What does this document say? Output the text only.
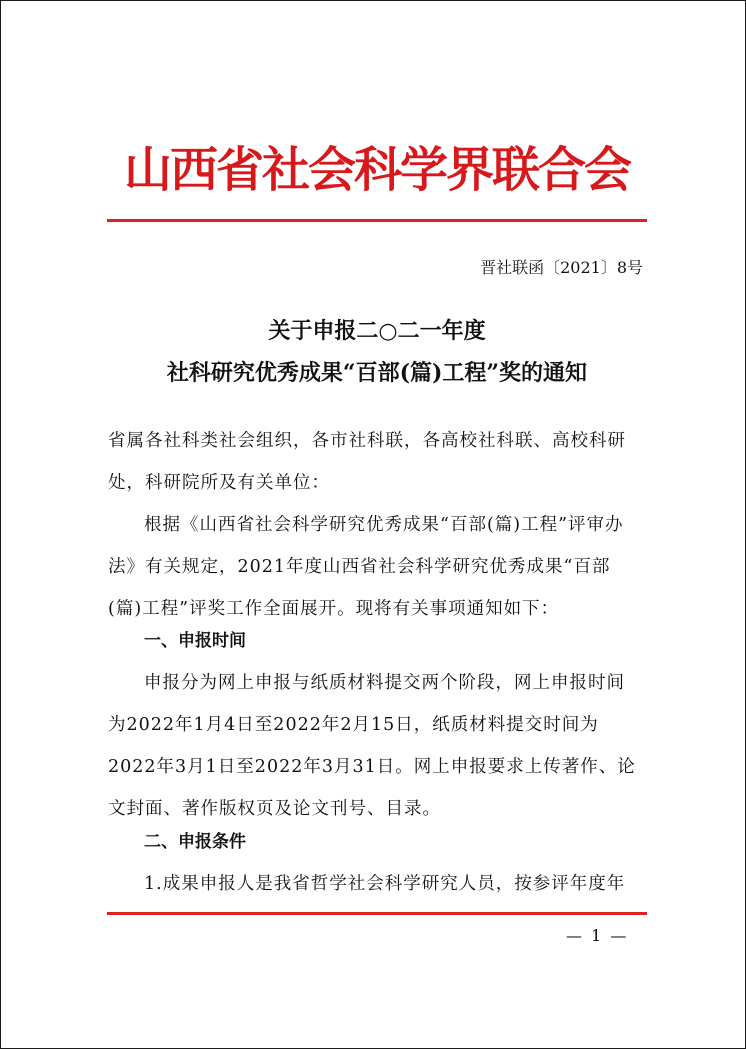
山西省社会科学界联合会
晋社联函〔2021〕8号
关于申报二○二一年度
社科研究优秀成果“百部(篇)工程”奖的通知
省属各社科类社会组织，各市社科联，各高校社科联、高校科研
处，科研院所及有关单位：
根据《山西省社会科学研究优秀成果“百部(篇)工程”评审办
法》有关规定，2021年度山西省社会科学研究优秀成果“百部
(篇)工程”评奖工作全面展开。现将有关事项通知如下：
一、申报时间
申报分为网上申报与纸质材料提交两个阶段，网上申报时间
为2022年1月4日至2022年2月15日，纸质材料提交时间为
2022年3月1日至2022年3月31日。网上申报要求上传著作、论
文封面、著作版权页及论文刊号、目录。
二、申报条件
1.成果申报人是我省哲学社会科学研究人员，按参评年度年
— 1 —
